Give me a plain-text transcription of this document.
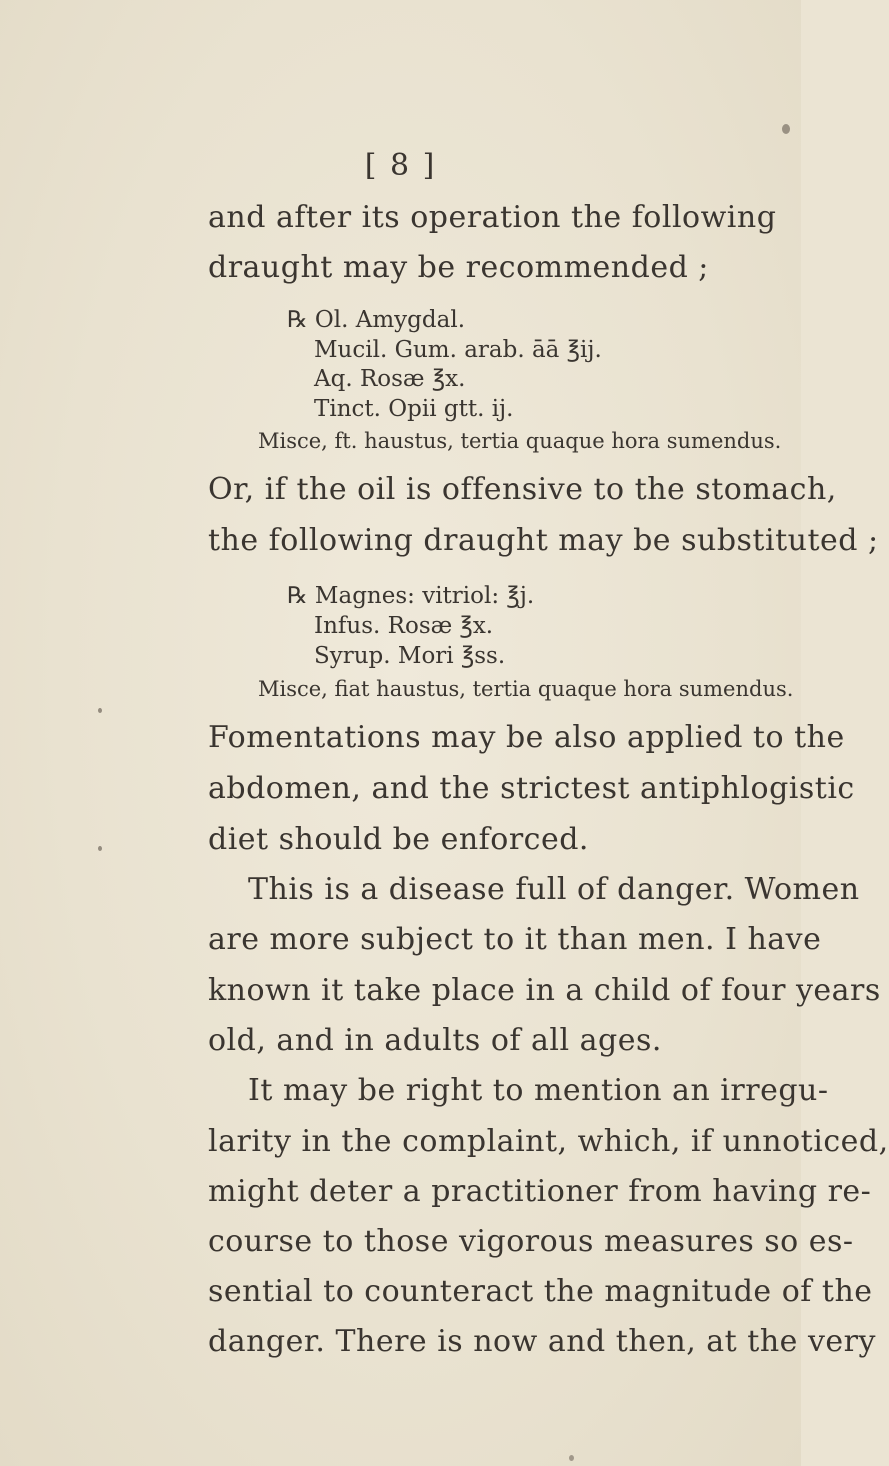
[ 8 ]

and after its operation the following

draught may be recommended ;

℞ Ol. Amygdal.
Mucil. Gum. arab. āā ℥ij.
Aq. Rosæ ℥x.
Tinct. Opii gtt. ij.
Misce, ft. haustus, tertia quaque hora sumendus.

Or, if the oil is offensive to the stomach,

the following draught may be substituted ;

℞ Magnes: vitriol: ℥j.
Infus. Rosæ ℥x.
Syrup. Mori ℥ss.
Misce, fiat haustus, tertia quaque hora sumendus.

Fomentations may be also applied to the

abdomen, and the strictest antiphlogistic

diet should be enforced.

This is a disease full of danger. Women

are more subject to it than men. I have

known it take place in a child of four years

old, and in adults of all ages.

It may be right to mention an irregu-

larity in the complaint, which, if unnoticed,

might deter a practitioner from having re-

course to those vigorous measures so es-

sential to counteract the magnitude of the

danger. There is now and then, at the very
